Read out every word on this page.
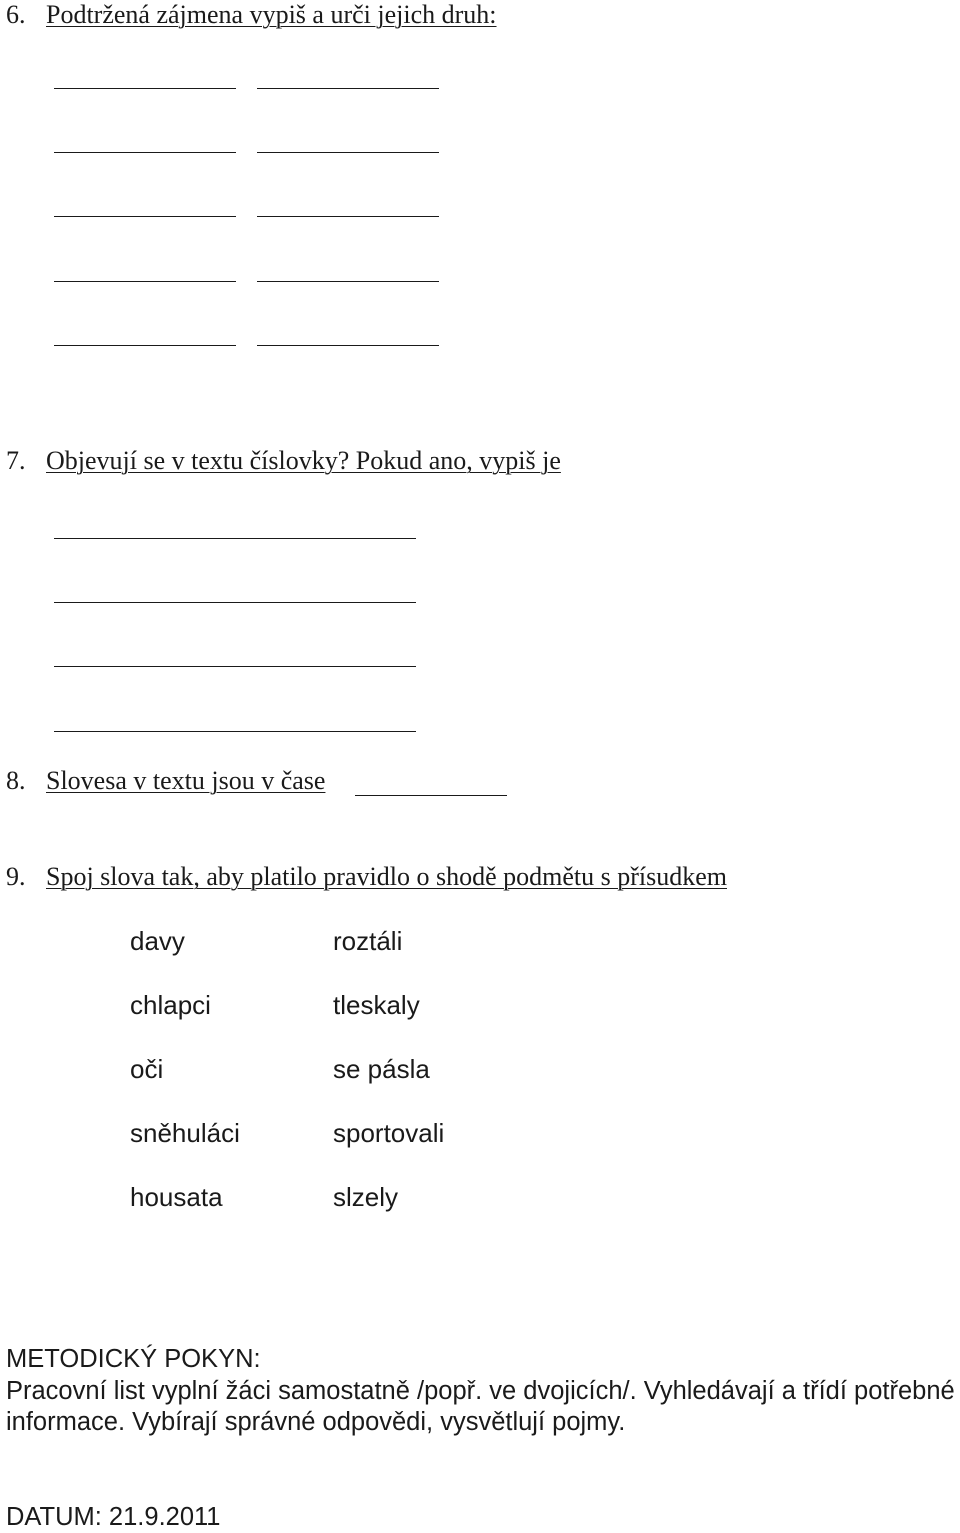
6. Podtržená zájmena vypiš a urči jejich druh:
7. Objevují se v textu číslovky? Pokud ano, vypiš je
8. Slovesa v textu jsou v čase
9. Spoj slova tak, aby platilo pravidlo o shodě podmětu s přísudkem
davy
chlapci
oči
sněhuláci
housata
roztáli
tleskaly
se pásla
sportovali
slzely
METODICKÝ POKYN:
Pracovní list vyplní žáci samostatně /popř. ve dvojicích/. Vyhledávají a třídí potřebné
informace. Vybírají správné odpovědi, vysvětlují pojmy.
DATUM: 21.9.2011
